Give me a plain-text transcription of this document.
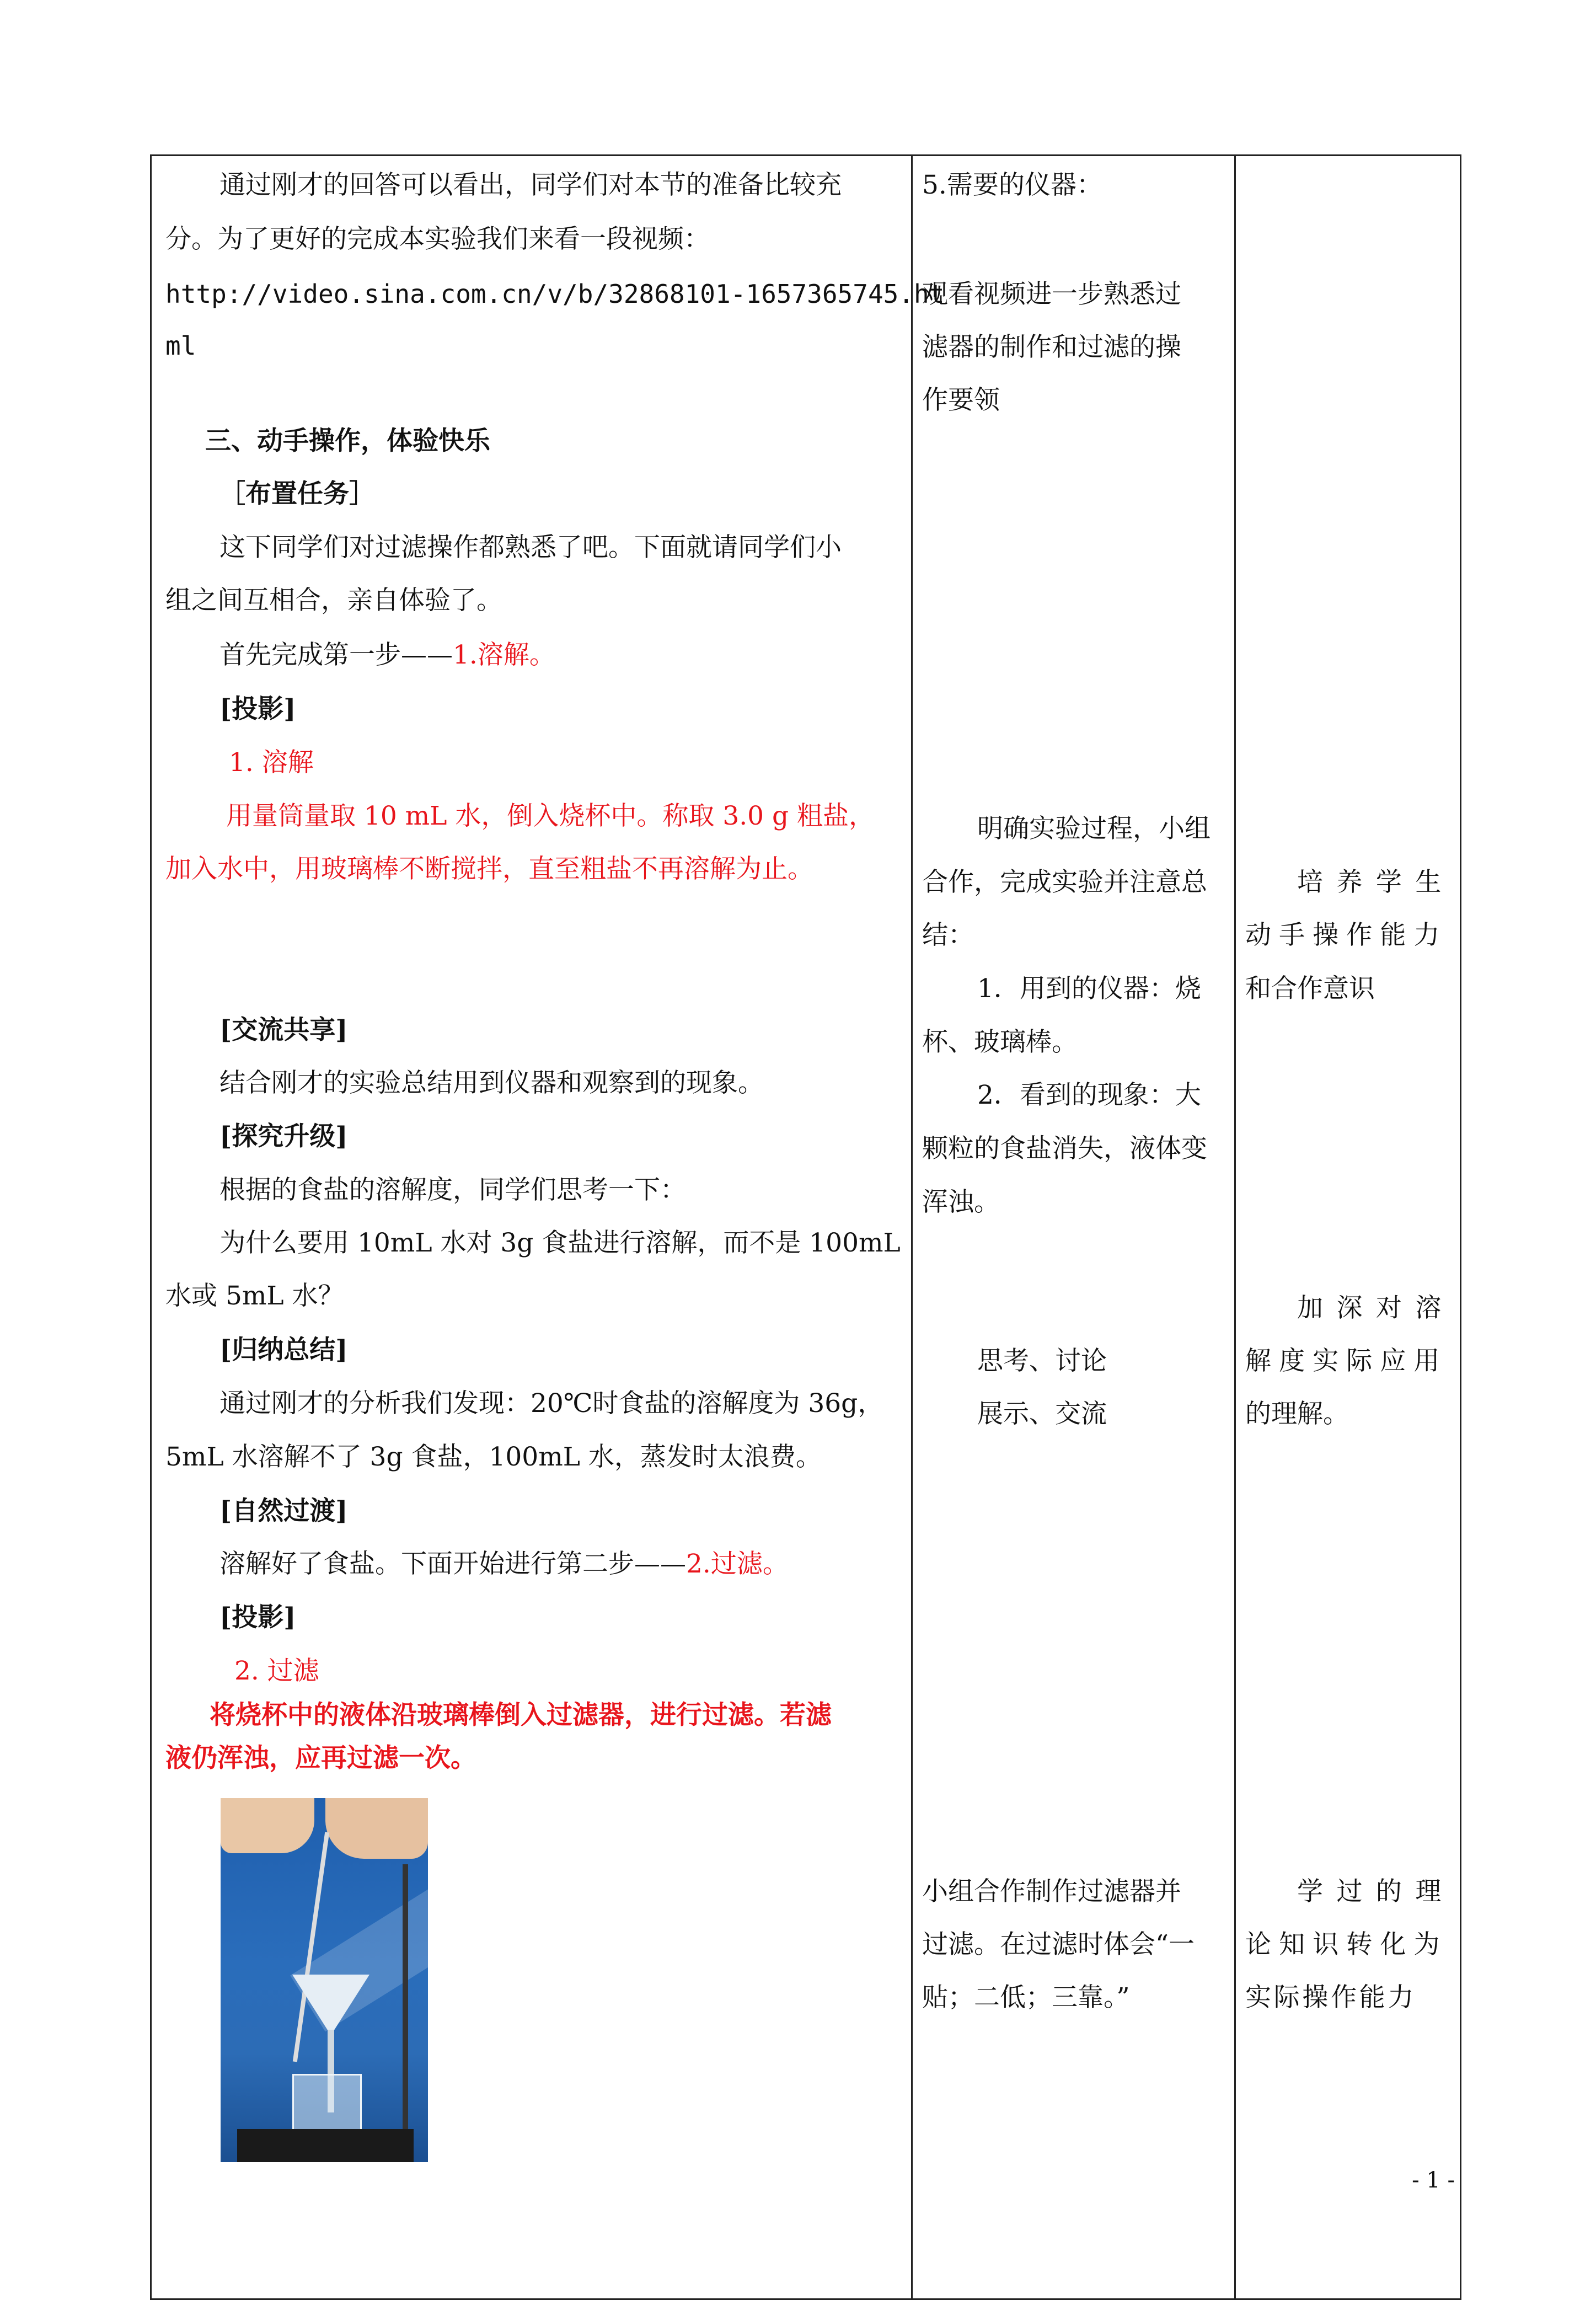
通过刚才的回答可以看出，同学们对本节的准备比较充
分。为了更好的完成本实验我们来看一段视频：
http://video.sina.com.cn/v/b/32868101-1657365745.ht
ml
三、动手操作，体验快乐
［布置任务］
这下同学们对过滤操作都熟悉了吧。下面就请同学们小
组之间互相合，亲自体验了。
首先完成第一步——1.溶解。
[投影]
1. 溶解
用量筒量取 10 mL 水，倒入烧杯中。称取 3.0 g 粗盐，
加入水中，用玻璃棒不断搅拌，直至粗盐不再溶解为止。
[交流共享]
结合刚才的实验总结用到仪器和观察到的现象。
[探究升级]
根据的食盐的溶解度，同学们思考一下：
为什么要用 10mL 水对 3g 食盐进行溶解，而不是 100mL
水或 5mL 水？
[归纳总结]
通过刚才的分析我们发现：20℃时食盐的溶解度为 36g，
5mL 水溶解不了 3g 食盐，100mL 水，蒸发时太浪费。
[自然过渡]
溶解好了食盐。下面开始进行第二步——2.过滤。
[投影]
2. 过滤
将烧杯中的液体沿玻璃棒倒入过滤器，进行过滤。若滤
液仍浑浊，应再过滤一次。
5.需要的仪器：
观看视频进一步熟悉过
滤器的制作和过滤的操
作要领
明确实验过程，小组
合作，完成实验并注意总
结：
1．用到的仪器：烧
杯、玻璃棒。
2．看到的现象：大
颗粒的食盐消失，液体变
浑浊。
思考、讨论
展示、交流
小组合作制作过滤器并
过滤。在过滤时体会“一
贴；二低；三靠。”
培养学生
动手操作能力
和合作意识
加深对溶
解度实际应用
的理解。
学过的理
论知识转化为
实际操作能力
- 1 -
